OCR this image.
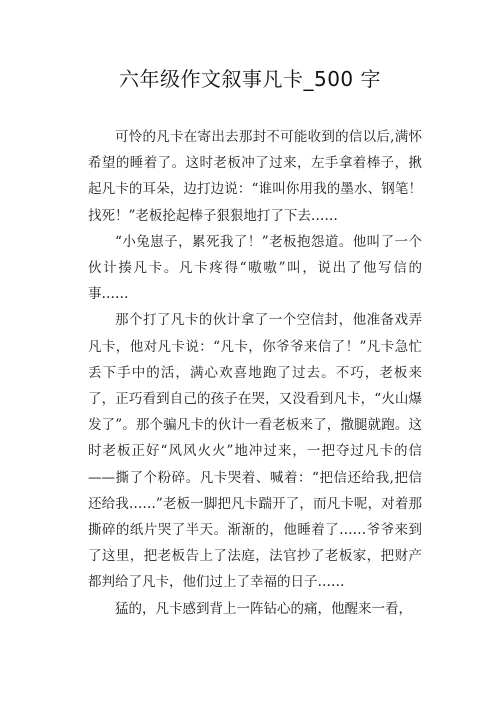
六年级作文叙事凡卡_500 字

可怜的凡卡在寄出去那封不可能收到的信以后,满怀希望的睡着了。这时老板冲了过来，左手拿着棒子，揪起凡卡的耳朵，边打边说：“谁叫你用我的墨水、钢笔！找死！”老板抡起棒子狠狠地打了下去……

“小兔崽子，累死我了！”老板抱怨道。他叫了一个伙计揍凡卡。凡卡疼得“嗷嗷”叫，说出了他写信的事……

那个打了凡卡的伙计拿了一个空信封，他准备戏弄凡卡，他对凡卡说：“凡卡，你爷爷来信了！”凡卡急忙丢下手中的活，满心欢喜地跑了过去。不巧，老板来了，正巧看到自己的孩子在哭，又没看到凡卡，“火山爆发了”。那个骗凡卡的伙计一看老板来了，撒腿就跑。这时老板正好“风风火火”地冲过来，一把夺过凡卡的信——撕了个粉碎。凡卡哭着、喊着：“把信还给我,把信还给我……”老板一脚把凡卡踹开了，而凡卡呢，对着那撕碎的纸片哭了半天。渐渐的，他睡着了……爷爷来到了这里，把老板告上了法庭，法官抄了老板家，把财产都判给了凡卡，他们过上了幸福的日子……

猛的，凡卡感到背上一阵钻心的痛，他醒来一看，
